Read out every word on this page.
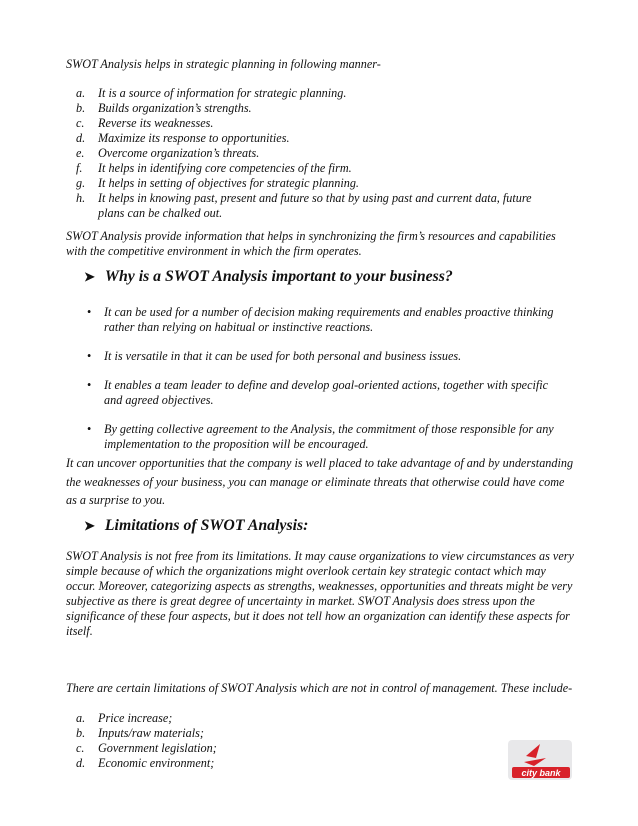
SWOT Analysis helps in strategic planning in following manner-
a. It is a source of information for strategic planning.
b. Builds organization’s strengths.
c. Reverse its weaknesses.
d. Maximize its response to opportunities.
e. Overcome organization’s threats.
f. It helps in identifying core competencies of the firm.
g. It helps in setting of objectives for strategic planning.
h. It helps in knowing past, present and future so that by using past and current data, future plans can be chalked out.
SWOT Analysis provide information that helps in synchronizing the firm’s resources and capabilities with the competitive environment in which the firm operates.
➤ Why is a SWOT Analysis important to your business?
• It can be used for a number of decision making requirements and enables proactive thinking rather than relying on habitual or instinctive reactions.
• It is versatile in that it can be used for both personal and business issues.
• It enables a team leader to define and develop goal-oriented actions, together with specific and agreed objectives.
• By getting collective agreement to the Analysis, the commitment of those responsible for any implementation to the proposition will be encouraged.
It can uncover opportunities that the company is well placed to take advantage of and by understanding the weaknesses of your business, you can manage or eliminate threats that otherwise could have come as a surprise to you.
➤ Limitations of SWOT Analysis:
SWOT Analysis is not free from its limitations. It may cause organizations to view circumstances as very simple because of which the organizations might overlook certain key strategic contact which may occur. Moreover, categorizing aspects as strengths, weaknesses, opportunities and threats might be very subjective as there is great degree of uncertainty in market. SWOT Analysis does stress upon the significance of these four aspects, but it does not tell how an organization can identify these aspects for itself.
There are certain limitations of SWOT Analysis which are not in control of management. These include-
a. Price increase;
b. Inputs/raw materials;
c. Government legislation;
d. Economic environment;
city bank
